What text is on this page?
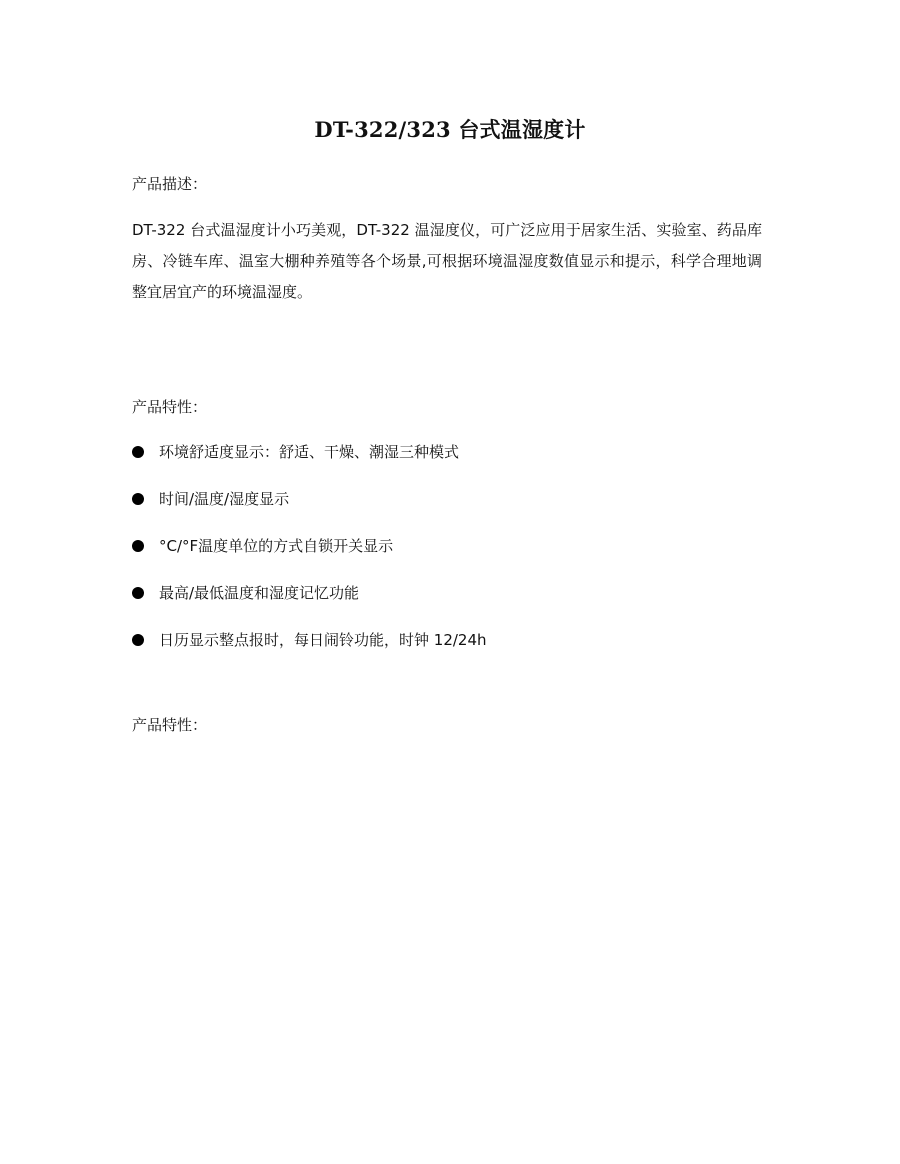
DT-322/323 台式温湿度计

产品描述：

DT-322 台式温湿度计小巧美观，DT-322 温湿度仪，可广泛应用于居家生活、实验室、药品库房、冷链车库、温室大棚种养殖等各个场景,可根据环境温湿度数值显示和提示，科学合理地调整宜居宜产的环境温湿度。

产品特性：

环境舒适度显示：舒适、干燥、潮湿三种模式
时间/温度/湿度显示
°C/°F温度单位的方式自锁开关显示
最高/最低温度和湿度记忆功能
日历显示整点报时，每日闹铃功能，时钟 12/24h

产品特性：
